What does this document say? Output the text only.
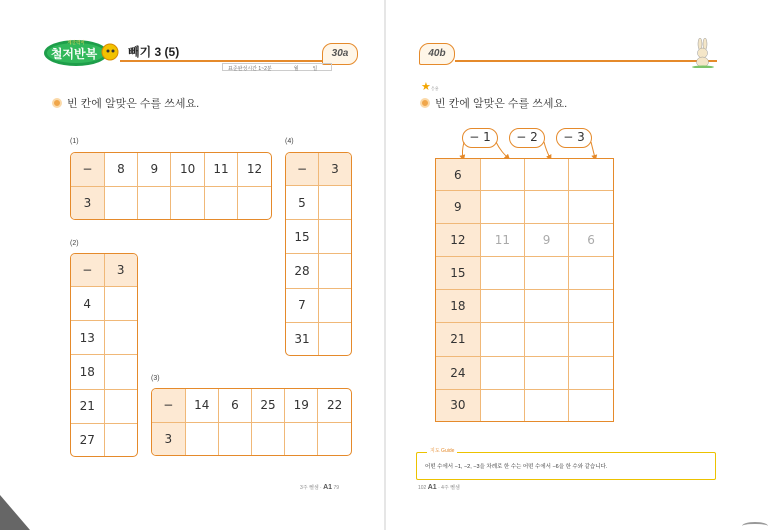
계산력이
철저반복	빼기 3 (5)	30a
표준완성시간 1~2분	월	일
빈 칸에 알맞은 수를 쓰세요.
(1)
−	8	9	10	11	12
3					
(2)
−	3
4	
13	
18	
21	
27	
(3)
−	14	6	25	19	22
3					
(4)
−	3
5	
15	
28	
7	
31	
3주 뺄셈 · A1 79
40b
★응용
빈 칸에 알맞은 수를 쓰세요.
− 1	− 2	− 3
6			
9			
12	11	9	6
15			
18			
21			
24			
30			
지도 Guide
어떤 수에서 −1, −2, −3을 차례로 한 수는 어떤 수에서 −6을 한 수와 같습니다.
102 A1 · 4주 뺄셈
